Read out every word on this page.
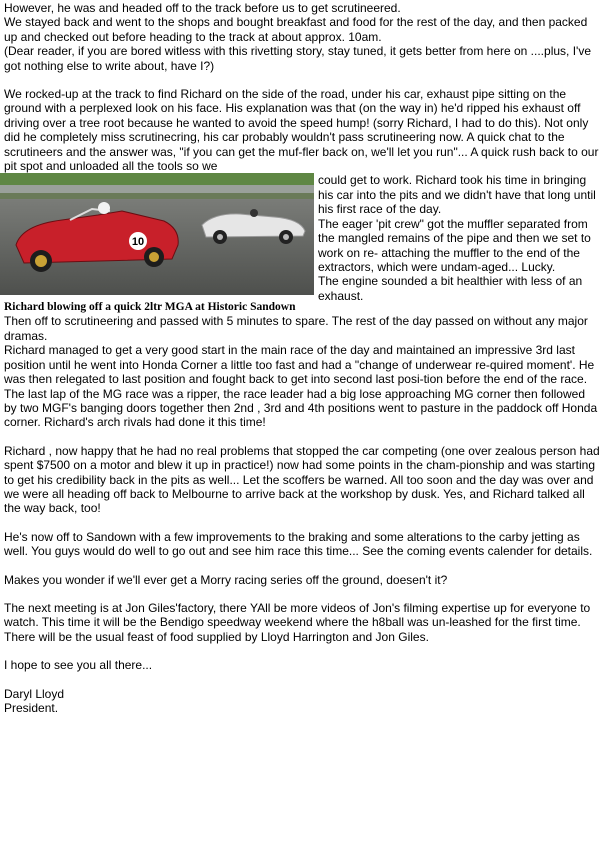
However, he was and headed off to the track before us to get scrutineered.

We stayed back and went to the shops and bought breakfast and food for the rest of the day, and then packed up and checked out before heading to the track at about approx. 10am.

(Dear reader, if you are bored witless with this rivetting story, stay tuned, it gets better from here on ....plus, I've got nothing else to write about, have I?)

We rocked-up at the track to find Richard on the side of the road, under his car, exhaust pipe sitting on the ground with a perplexed look on his face. His explanation was that (on the way in) he'd ripped his exhaust off driving over a tree root because he wanted to avoid the speed hump! (sorry Richard, I had to do this). Not only did he completely miss scrutinecring, his car probably wouldn't pass scrutineering now. A quick chat to the scrutineers and the answer was, "if you can get the muf-fler back on, we'll let you run"... A quick rush back to our pit spot and unloaded all the tools so we

10
Richard blowing off a quick 2ltr MGA at Historic Sandown

could get to work. Richard took his time in bringing his car into the pits and we didn't have that long until his first race of the day.

The eager 'pit crew" got the muffler separated from the mangled remains of the pipe and then we set to work on re- attaching the muffler to the end of the extractors, which were undam-aged... Lucky.

The engine sounded a bit healthier with less of an exhaust.

Then off to scrutineering and passed with 5 minutes to spare. The rest of the day passed on without any major dramas.

Richard managed to get a very good start in the main race of the day and maintained an impressive 3rd last position until he went into Honda Corner a little too fast and had a "change of underwear re-quired moment'. He was then relegated to last position and fought back to get into second last posi-tion before the end of the race. The last lap of the MG race was a ripper, the race leader had a big lose approaching MG corner then followed by two MGF's banging doors together then 2nd , 3rd and 4th positions went to pasture in the paddock off Honda corner. Richard's arch rivals had done it this time!

Richard , now happy that he had no real problems that stopped the car competing (one over zealous person had spent $7500 on a motor and blew it up in practice!) now had some points in the cham-pionship and was starting to get his credibility back in the pits as well... Let the scoffers be warned. All too soon and the day was over and we were all heading off back to Melbourne to arrive back at the workshop by dusk. Yes, and Richard talked all the way back, too!

He's now off to Sandown with a few improvements to the braking and some alterations to the carby jetting as well. You guys would do well to go out and see him race this time... See the coming events calender for details.

Makes you wonder if we'll ever get a Morry racing series off the ground, doesen't it?

The next meeting is at Jon Giles'factory, there YAll be more videos of Jon's filming expertise up for everyone to watch. This time it will be the Bendigo speedway weekend where the h8ball was un-leashed for the first time. There will be the usual feast of food supplied by Lloyd Harrington and Jon Giles.

I hope to see you all there...

Daryl Lloyd

President.
